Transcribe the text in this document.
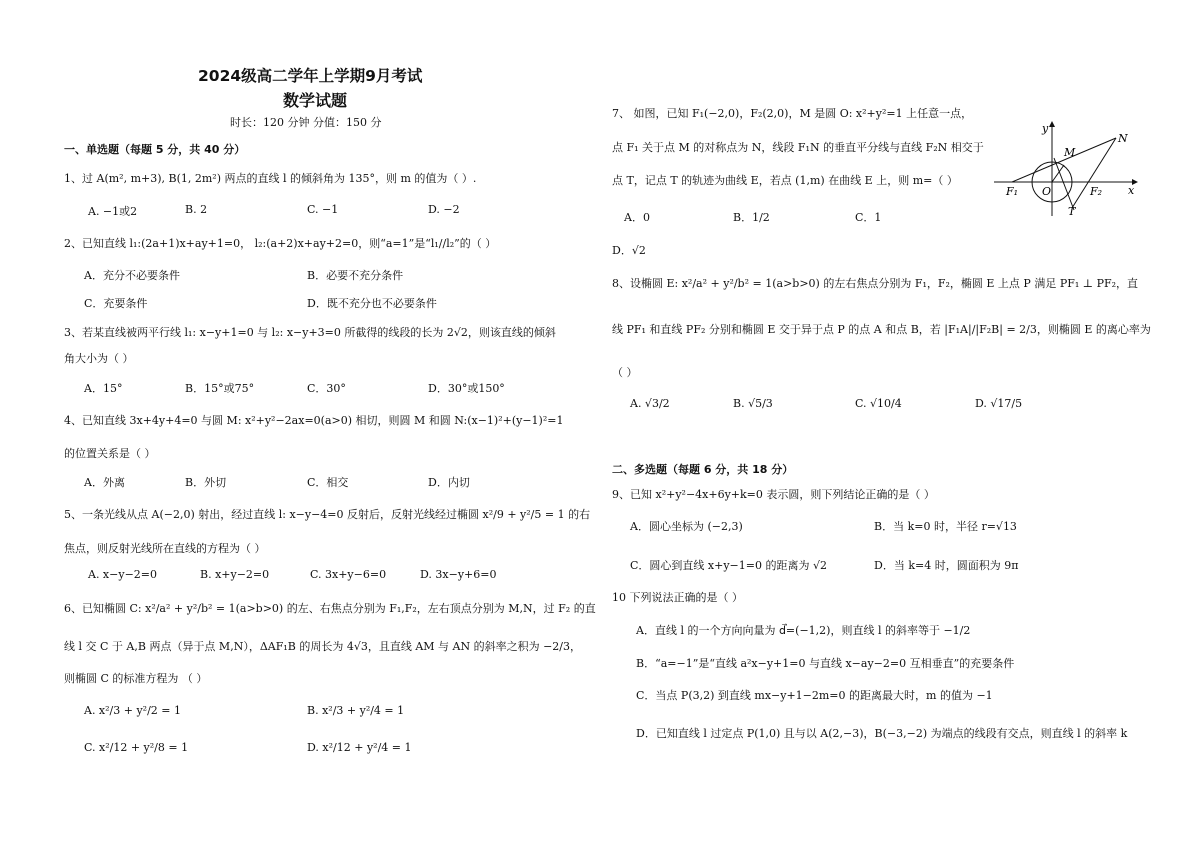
2024级高二学年上学期9月考试
数学试题
时长：120 分钟 分值：150 分
一、单选题（每题 5 分，共 40 分）
1、过 A(m², m+3), B(1, 2m²) 两点的直线 l 的倾斜角为 135°，则 m 的值为（ ）.
A. −1或2	B. 2	C. −1	D. −2
2、已知直线 l₁:(2a+1)x+ay+1=0， l₂:(a+2)x+ay+2=0，则“a=1”是“l₁//l₂”的（ ）
A．充分不必要条件	B．必要不充分条件
C．充要条件	D．既不充分也不必要条件
3、若某直线被两平行线 l₁: x−y+1=0 与 l₂: x−y+3=0 所截得的线段的长为 2√2，则该直线的倾斜
角大小为（ ）
A．15°	B．15°或75°	C．30°	D．30°或150°
4、已知直线 3x+4y+4=0 与圆 M: x²+y²−2ax=0(a>0) 相切，则圆 M 和圆 N:(x−1)²+(y−1)²=1
的位置关系是（ ）
A．外离	B．外切	C．相交	D．内切
5、一条光线从点 A(−2,0) 射出，经过直线 l: x−y−4=0 反射后，反射光线经过椭圆 x²/9 + y²/5 = 1 的右
焦点，则反射光线所在直线的方程为（ ）
A. x−y−2=0	B. x+y−2=0	C. 3x+y−6=0	D. 3x−y+6=0
6、已知椭圆 C: x²/a² + y²/b² = 1(a>b>0) 的左、右焦点分别为 F₁,F₂，左右顶点分别为 M,N，过 F₂ 的直
线 l 交 C 于 A,B 两点（异于点 M,N），ΔAF₁B 的周长为 4√3，且直线 AM 与 AN 的斜率之积为 −2/3，
则椭圆 C 的标准方程为 （ ）
A. x²/3 + y²/2 = 1	B. x²/3 + y²/4 = 1
C. x²/12 + y²/8 = 1	D. x²/12 + y²/4 = 1
7、 如图，已知 F₁(−2,0)，F₂(2,0)，M 是圆 O: x²+y²=1 上任意一点，
点 F₁ 关于点 M 的对称点为 N，线段 F₁N 的垂直平分线与直线 F₂N 相交于
点 T，记点 T 的轨迹为曲线 E，若点 (1,m) 在曲线 E 上，则 m=（ ）
A．0	B．1/2	C．1
D．√2
y
N
M
F₁ O	F₂ x
T
8、设椭圆 E: x²/a² + y²/b² = 1(a>b>0) 的左右焦点分别为 F₁，F₂，椭圆 E 上点 P 满足 PF₁ ⊥ PF₂，直
线 PF₁ 和直线 PF₂ 分别和椭圆 E 交于异于点 P 的点 A 和点 B，若 |F₁A|/|F₂B| = 2/3，则椭圆 E 的离心率为
（ ）
A. √3/2	B. √5/3	C. √10/4	D. √17/5
二、多选题（每题 6 分，共 18 分）
9、已知 x²+y²−4x+6y+k=0 表示圆，则下列结论正确的是（ ）
A．圆心坐标为 (−2,3)	B．当 k=0 时，半径 r=√13
C．圆心到直线 x+y−1=0 的距离为 √2	D．当 k=4 时，圆面积为 9π
10 下列说法正确的是（ ）
A．直线 l 的一个方向向量为 d⃗=(−1,2)，则直线 l 的斜率等于 −1/2
B．“a=−1”是“直线 a²x−y+1=0 与直线 x−ay−2=0 互相垂直”的充要条件
C．当点 P(3,2) 到直线 mx−y+1−2m=0 的距离最大时，m 的值为 −1
D．已知直线 l 过定点 P(1,0) 且与以 A(2,−3)，B(−3,−2) 为端点的线段有交点，则直线 l 的斜率 k
